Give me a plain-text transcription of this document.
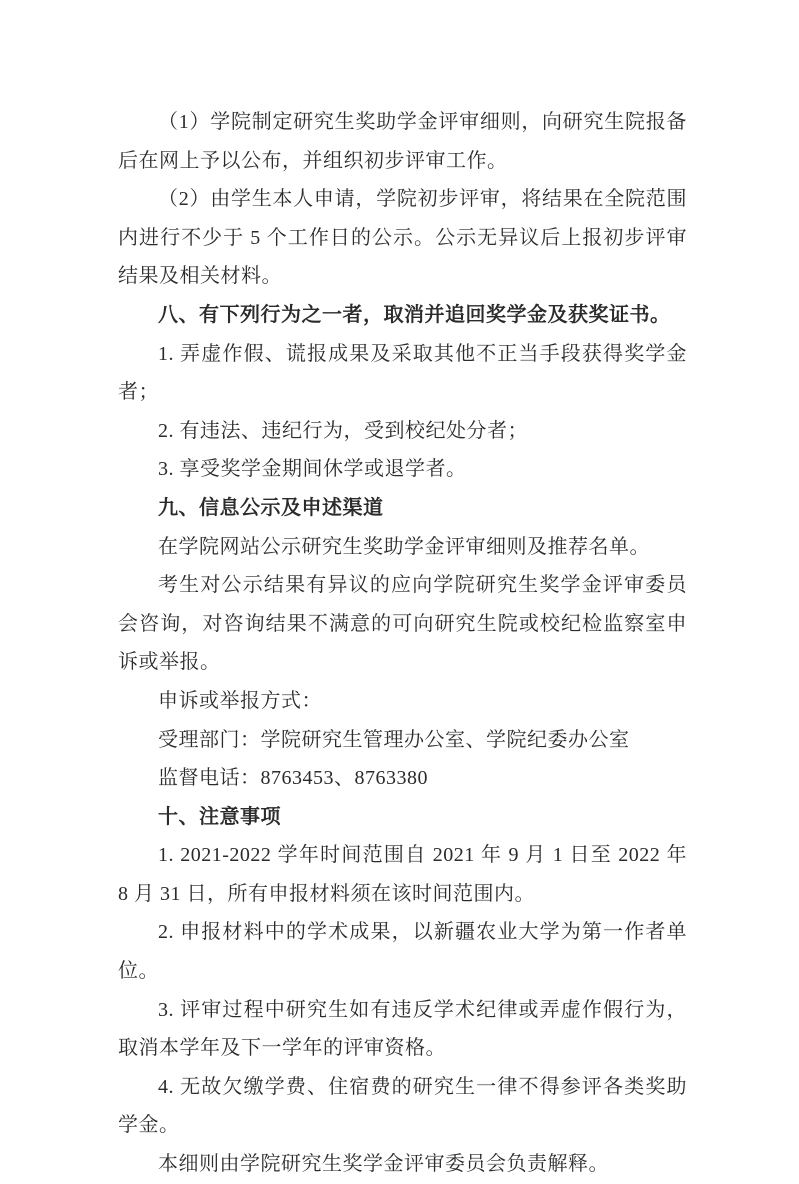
（1）学院制定研究生奖助学金评审细则，向研究生院报备后在网上予以公布，并组织初步评审工作。

（2）由学生本人申请，学院初步评审，将结果在全院范围内进行不少于 5 个工作日的公示。公示无异议后上报初步评审结果及相关材料。

八、有下列行为之一者，取消并追回奖学金及获奖证书。

1. 弄虚作假、谎报成果及采取其他不正当手段获得奖学金者；

2. 有违法、违纪行为，受到校纪处分者；

3. 享受奖学金期间休学或退学者。

九、信息公示及申述渠道

在学院网站公示研究生奖助学金评审细则及推荐名单。

考生对公示结果有异议的应向学院研究生奖学金评审委员会咨询，对咨询结果不满意的可向研究生院或校纪检监察室申诉或举报。

申诉或举报方式：

受理部门：学院研究生管理办公室、学院纪委办公室

监督电话：8763453、8763380

十、注意事项

1. 2021-2022 学年时间范围自 2021 年 9 月 1 日至 2022 年 8 月 31 日，所有申报材料须在该时间范围内。

2. 申报材料中的学术成果，以新疆农业大学为第一作者单位。

3. 评审过程中研究生如有违反学术纪律或弄虚作假行为，取消本学年及下一学年的评审资格。

4. 无故欠缴学费、住宿费的研究生一律不得参评各类奖助学金。

本细则由学院研究生奖学金评审委员会负责解释。
